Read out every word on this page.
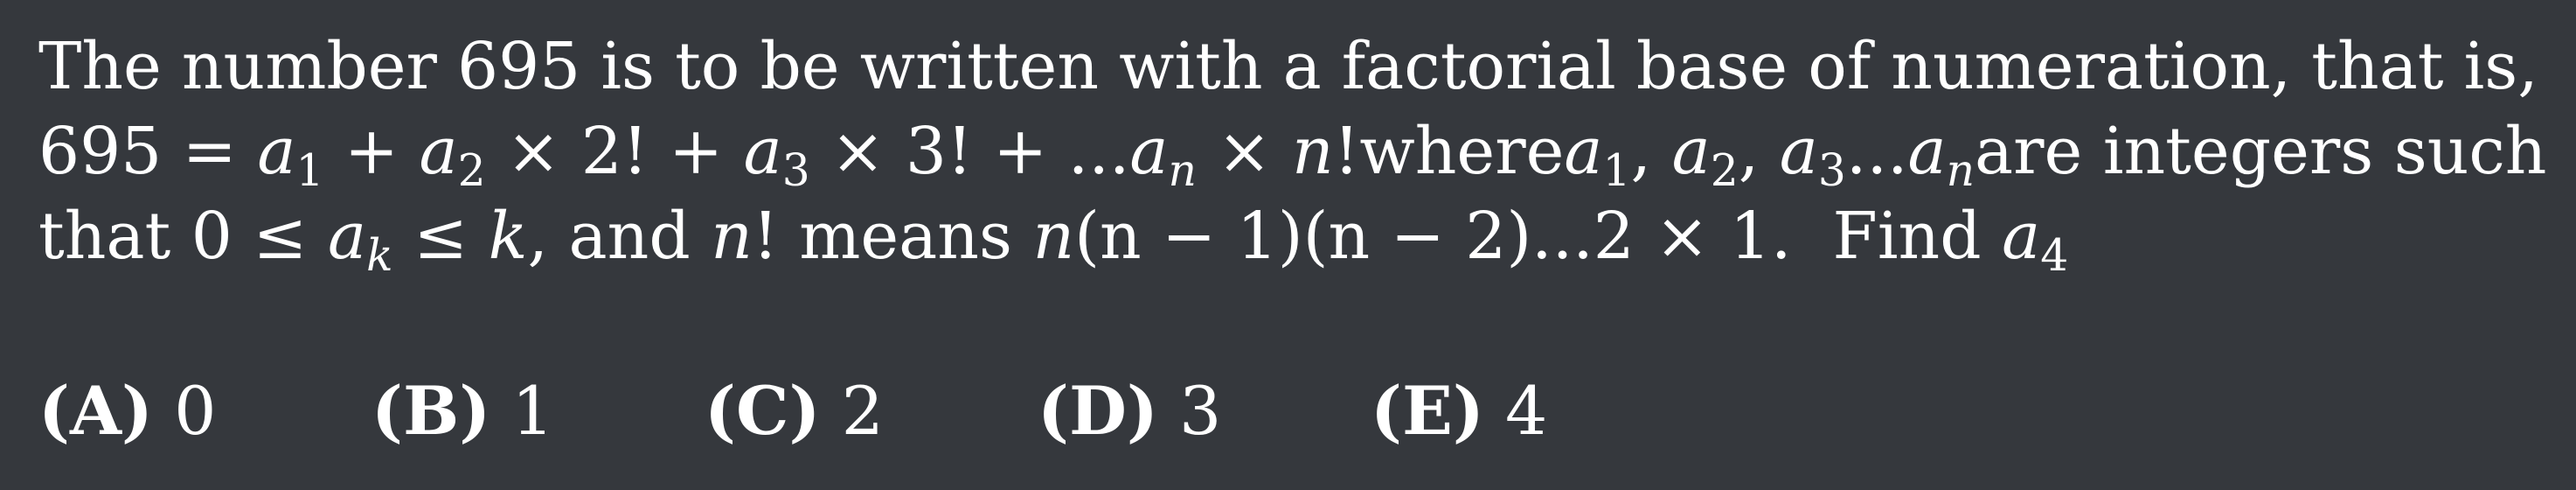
The number 695 is to be written with a factorial base of numeration, that is,
$695 = a_1 + a_2 \times 2$! + $a_3 \times 3$! + $...a_n \times n$! where $a_1$, $a_2$, $a_3...a_n$ are integers such
that $0 \le a_k \le k$, and n! means n(n − 1)(n − 2)...2 × 1. Find $a_4$
(A) 0 (B) 1 (C) 2 (D) 3 (E) 4
